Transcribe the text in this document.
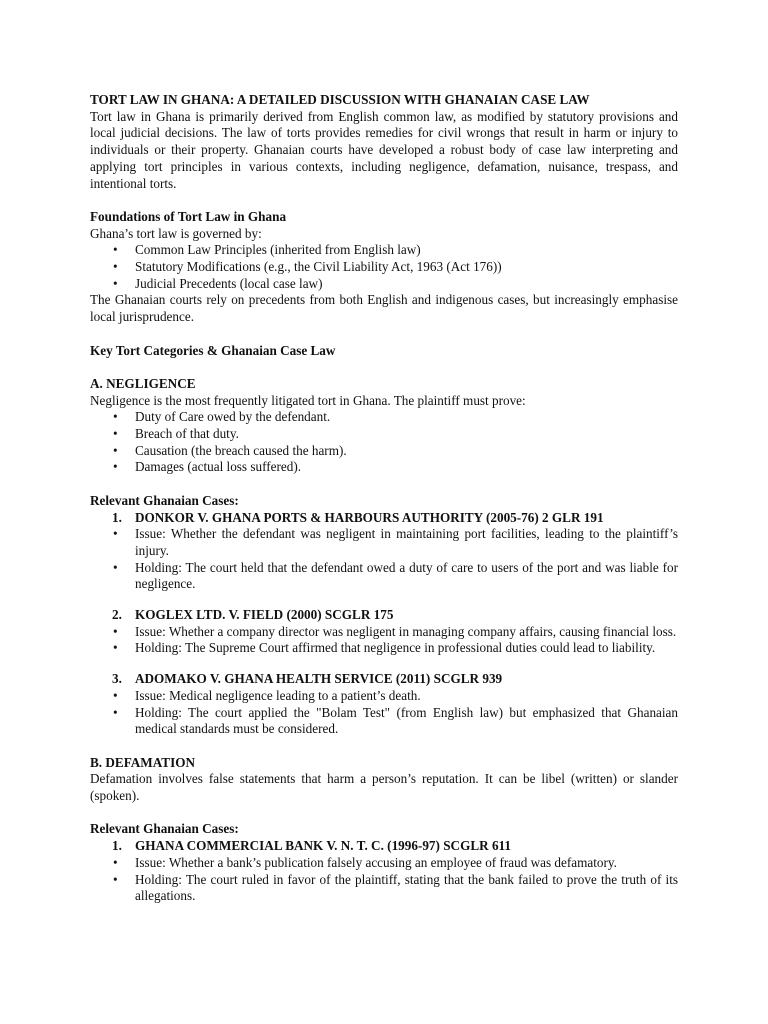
TORT LAW IN GHANA: A DETAILED DISCUSSION WITH GHANAIAN CASE LAW

Tort law in Ghana is primarily derived from English common law, as modified by statutory provisions and local judicial decisions. The law of torts provides remedies for civil wrongs that result in harm or injury to individuals or their property. Ghanaian courts have developed a robust body of case law interpreting and applying tort principles in various contexts, including negligence, defamation, nuisance, trespass, and intentional torts.

Foundations of Tort Law in Ghana

Ghana’s tort law is governed by:

• Common Law Principles (inherited from English law)
• Statutory Modifications (e.g., the Civil Liability Act, 1963 (Act 176))
• Judicial Precedents (local case law)

The Ghanaian courts rely on precedents from both English and indigenous cases, but increasingly emphasise local jurisprudence.

Key Tort Categories & Ghanaian Case Law

A. NEGLIGENCE

Negligence is the most frequently litigated tort in Ghana. The plaintiff must prove:

• Duty of Care owed by the defendant.
• Breach of that duty.
• Causation (the breach caused the harm).
• Damages (actual loss suffered).

Relevant Ghanaian Cases:

1. DONKOR V. GHANA PORTS & HARBOURS AUTHORITY (2005-76) 2 GLR 191
• Issue: Whether the defendant was negligent in maintaining port facilities, leading to the plaintiff’s injury.
• Holding: The court held that the defendant owed a duty of care to users of the port and was liable for negligence.
2. KOGLEX LTD. V. FIELD (2000) SCGLR 175
• Issue: Whether a company director was negligent in managing company affairs, causing financial loss.
• Holding: The Supreme Court affirmed that negligence in professional duties could lead to liability.
3. ADOMAKO V. GHANA HEALTH SERVICE (2011) SCGLR 939
• Issue: Medical negligence leading to a patient’s death.
• Holding: The court applied the "Bolam Test" (from English law) but emphasized that Ghanaian medical standards must be considered.

B. DEFAMATION

Defamation involves false statements that harm a person’s reputation. It can be libel (written) or slander (spoken).

Relevant Ghanaian Cases:

1. GHANA COMMERCIAL BANK V. N. T. C. (1996-97) SCGLR 611
• Issue: Whether a bank’s publication falsely accusing an employee of fraud was defamatory.
• Holding: The court ruled in favor of the plaintiff, stating that the bank failed to prove the truth of its allegations.
